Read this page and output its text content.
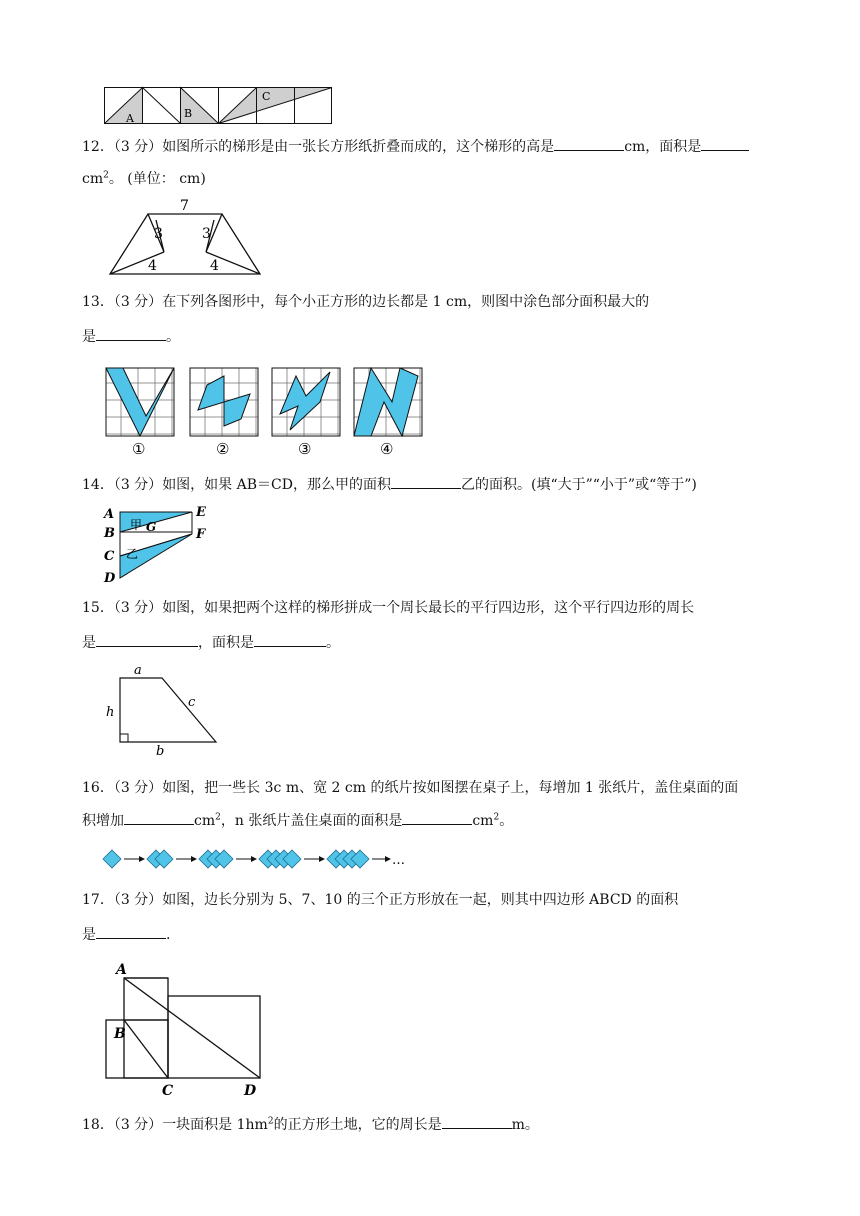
A	B
C
12．（3 分）如图所示的梯形是由一张长方形纸折叠而成的，这个梯形的高是	cm，面积是
$cm^2$。 (单位： cm)
7
3	3
4	4
13．（3 分）在下列各图形中，每个小正方形的边长都是 1 cm，则图中涂色部分面积最大的
是	。
①	②	③	④
14．（3 分）如图，如果 AB＝CD，那么甲的面积	乙的面积。(填“大于”“小于”或“等于”)
A
B
C
D
E
F
G
甲
乙
15．（3 分）如图，如果把两个这样的梯形拼成一个周长最长的平行四边形，这个平行四边形的周长
是	，面积是	。
a
h
c
b
16．（3 分）如图，把一些长 3c m、宽 2 cm 的纸片按如图摆在桌子上，每增加 1 张纸片，盖住桌面的面
积增加	$cm^2$，n 张纸片盖住桌面的面积是	$cm^2$。
…
17．（3 分）如图，边长分别为 5、7、10 的三个正方形放在一起，则其中四边形 ABCD 的面积
是	.
A
B
C	D
18．（3 分）一块面积是 $1hm^2$的正方形土地，它的周长是	m。
